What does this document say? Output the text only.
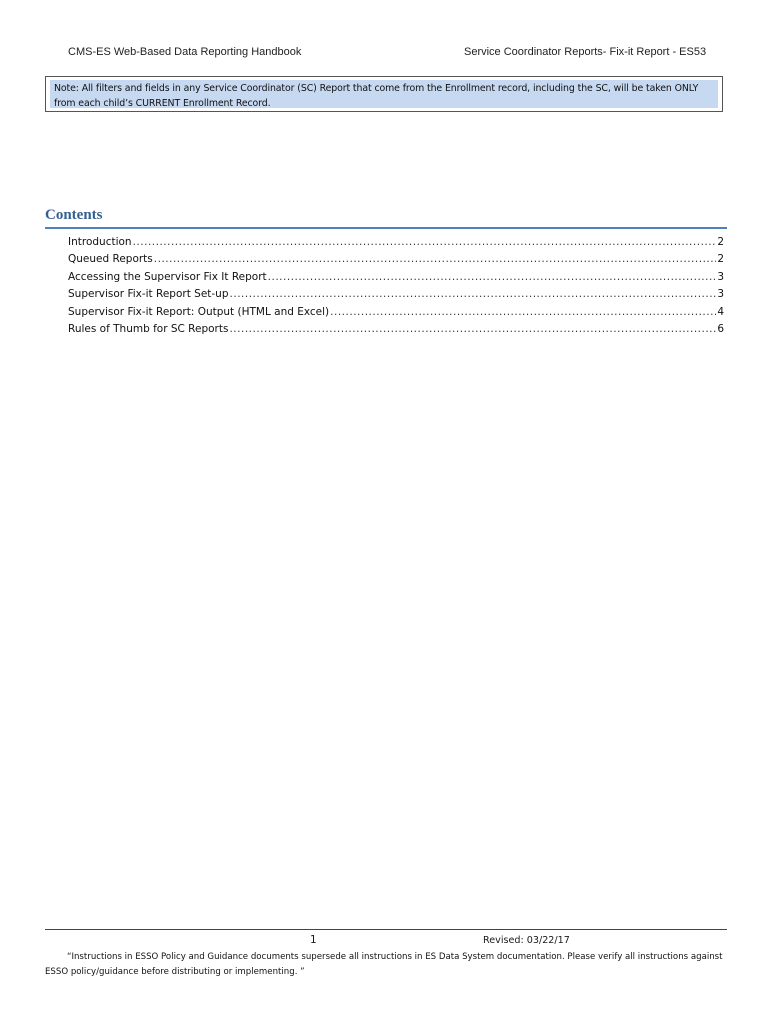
CMS-ES Web-Based Data Reporting Handbook	Service Coordinator Reports- Fix-it Report - ES53
Note: All filters and fields in any Service Coordinator (SC) Report that come from the Enrollment record, including the SC, will be taken ONLY from each child’s CURRENT Enrollment Record.
Contents
Introduction .....	2
Queued Reports .....	2
Accessing the Supervisor Fix It Report .....	3
Supervisor Fix-it Report Set-up .....	3
Supervisor Fix-it Report: Output (HTML and Excel) .....	4
Rules of Thumb for SC Reports .....	6
1	Revised: 03/22/17
“Instructions in ESSO Policy and Guidance documents supersede all instructions in ES Data System documentation. Please verify all instructions against ESSO policy/guidance before distributing or implementing. ”
